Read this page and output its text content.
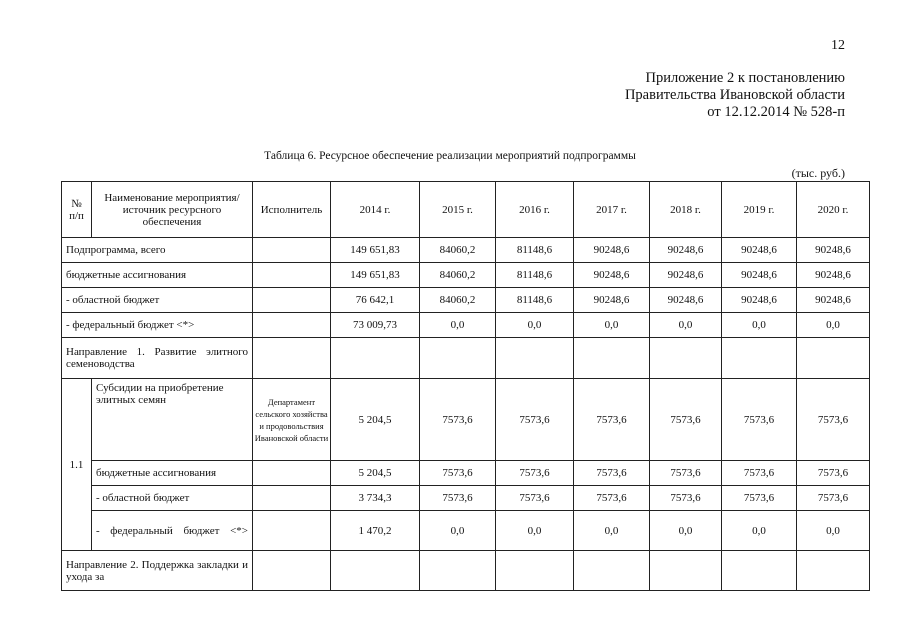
12
Приложение 2 к постановлению
Правительства Ивановской области
от 12.12.2014 № 528-п
Таблица 6. Ресурсное обеспечение реализации мероприятий подпрограммы
(тыс. руб.)
№ п/п	Наименование мероприятия/источник ресурсного обеспечения	Исполнитель	2014 г.	2015 г.	2016 г.	2017 г.	2018 г.	2019 г.	2020 г.
Подпрограмма, всего			149 651,83	84060,2	81148,6	90248,6	90248,6	90248,6	90248,6
бюджетные ассигнования			149 651,83	84060,2	81148,6	90248,6	90248,6	90248,6	90248,6
- областной бюджет			76 642,1	84060,2	81148,6	90248,6	90248,6	90248,6	90248,6
- федеральный бюджет <*>			73 009,73	0,0	0,0	0,0	0,0	0,0	0,0
Направление 1. Развитие элитного семеноводства									
1.1	Субсидии на приобретение элитных семян	Департамент сельского хозяйства и продовольствия Ивановской области	5 204,5	7573,6	7573,6	7573,6	7573,6	7573,6	7573,6
	бюджетные ассигнования		5 204,5	7573,6	7573,6	7573,6	7573,6	7573,6	7573,6
	- областной бюджет		3 734,3	7573,6	7573,6	7573,6	7573,6	7573,6	7573,6
	- федеральный бюджет <*>		1 470,2	0,0	0,0	0,0	0,0	0,0	0,0
Направление 2. Поддержка закладки и ухода за									
